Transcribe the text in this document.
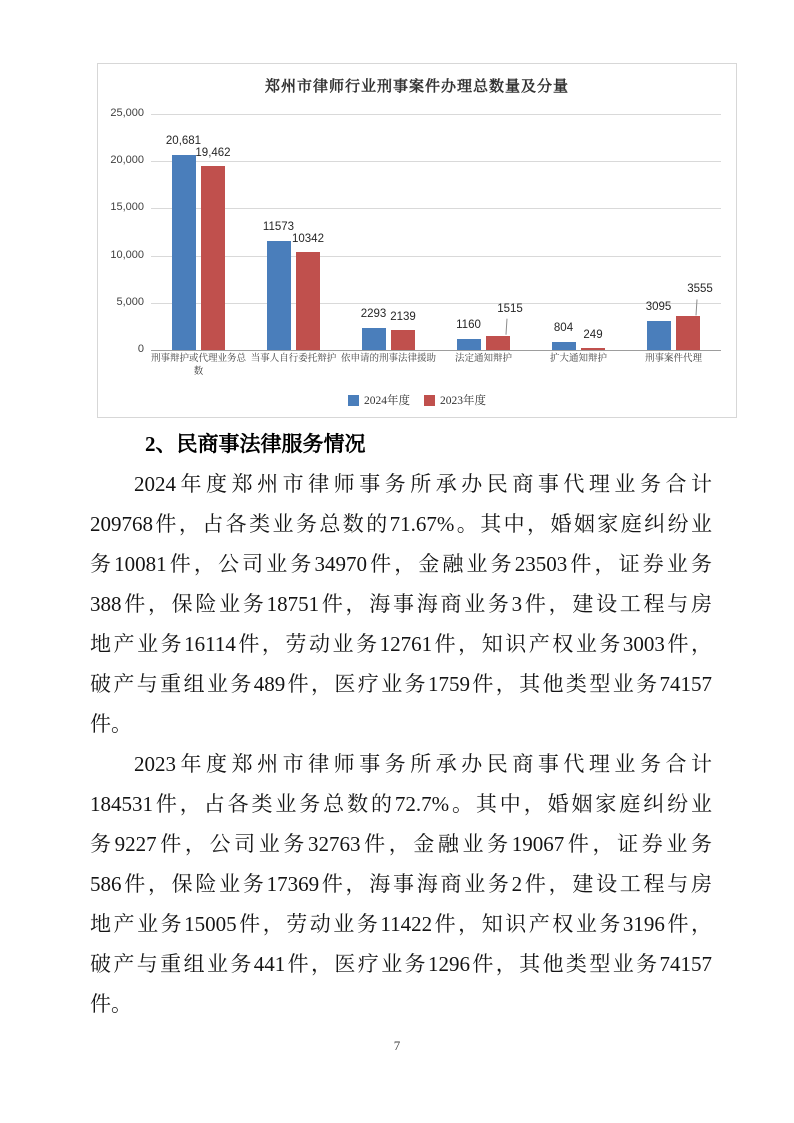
郑州市律师行业刑事案件办理总数量及分量
2024年度	2023年度
0
5,000
10,000
15,000
20,000
25,000
20,681
19,462
刑事辩护或代理业务总数
11573
10342
当事人自行委托辩护
2293 2139
依申请的刑事法律援助
1160
1515
法定通知辩护
804
249
扩大通知辩护
3095
3555
刑事案件代理
2、民商事法律服务情况
2024年度郑州市律师事务所承办民商事代理业务合计
209768件，占各类业务总数的71.67%。其中，婚姻家庭纠纷业
务10081件，公司业务34970件，金融业务23503件，证券业务
388件，保险业务18751件，海事海商业务3件，建设工程与房
地产业务16114件，劳动业务12761件，知识产权业务3003件，
破产与重组业务489件，医疗业务1759件，其他类型业务74157
件。
2023年度郑州市律师事务所承办民商事代理业务合计
184531件，占各类业务总数的72.7%。其中，婚姻家庭纠纷业
务9227件，公司业务32763件，金融业务19067件，证券业务
586件，保险业务17369件，海事海商业务2件，建设工程与房
地产业务15005件，劳动业务11422件，知识产权业务3196件，
破产与重组业务441件，医疗业务1296件，其他类型业务74157
件。
7
